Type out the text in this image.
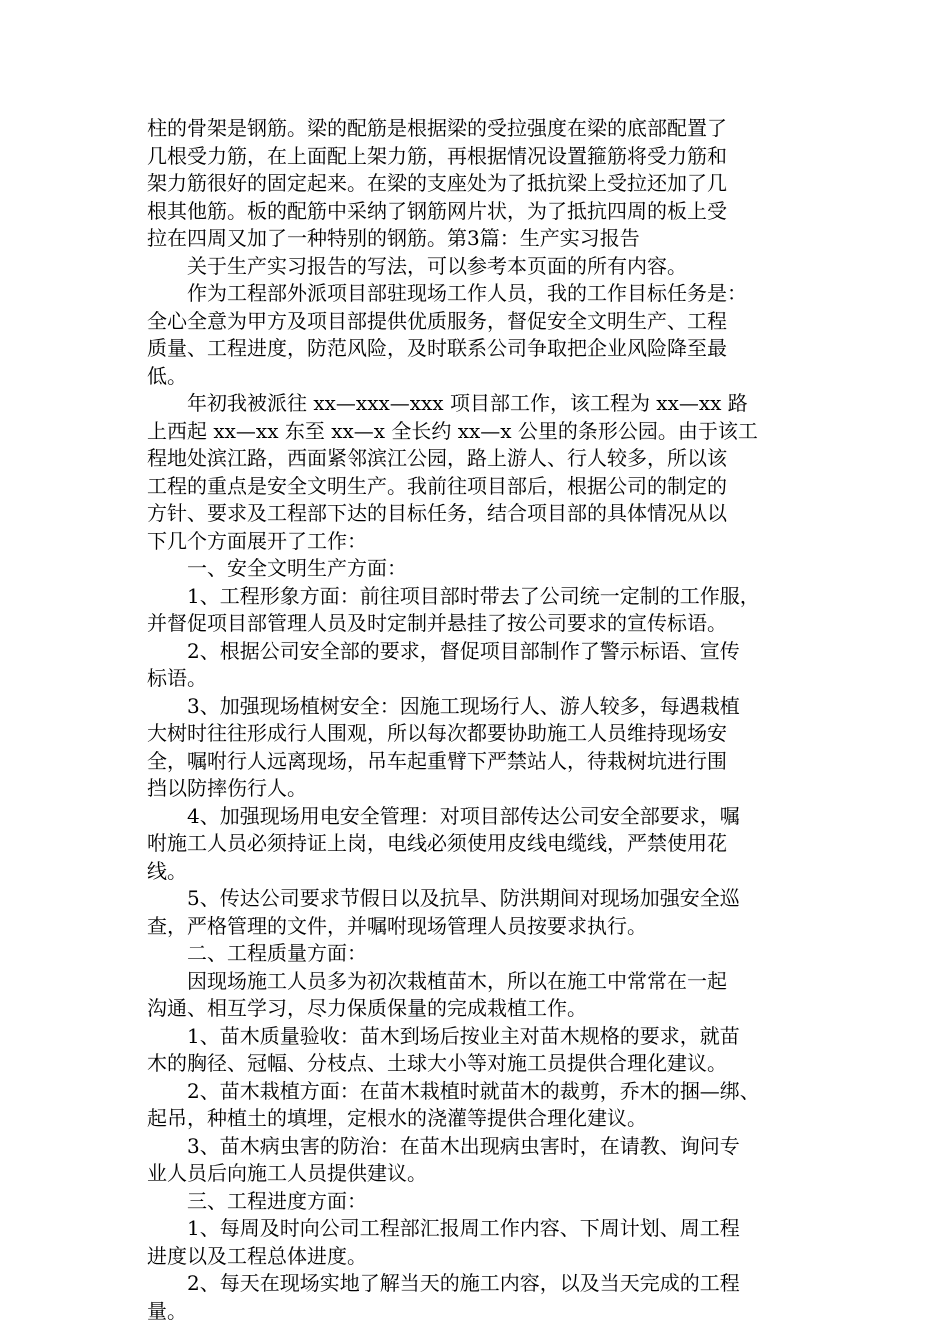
柱的骨架是钢筋。梁的配筋是根据梁的受拉强度在梁的底部配置了
几根受力筋，在上面配上架力筋，再根据情况设置箍筋将受力筋和
架力筋很好的固定起来。在梁的支座处为了抵抗梁上受拉还加了几
根其他筋。板的配筋中采纳了钢筋网片状，为了抵抗四周的板上受
拉在四周又加了一种特别的钢筋。第3篇：生产实习报告
关于生产实习报告的写法，可以参考本页面的所有内容。
作为工程部外派项目部驻现场工作人员，我的工作目标任务是：
全心全意为甲方及项目部提供优质服务，督促安全文明生产、工程
质量、工程进度，防范风险，及时联系公司争取把企业风险降至最
低。
年初我被派往 xx—xxx—xxx 项目部工作，该工程为 xx—xx 路
上西起 xx—xx 东至 xx—x 全长约 xx—x 公里的条形公园。由于该工
程地处滨江路，西面紧邻滨江公园，路上游人、行人较多，所以该
工程的重点是安全文明生产。我前往项目部后，根据公司的制定的
方针、要求及工程部下达的目标任务，结合项目部的具体情况从以
下几个方面展开了工作：
一、安全文明生产方面：
1、工程形象方面：前往项目部时带去了公司统一定制的工作服，
并督促项目部管理人员及时定制并悬挂了按公司要求的宣传标语。
2、根据公司安全部的要求，督促项目部制作了警示标语、宣传
标语。
3、加强现场植树安全：因施工现场行人、游人较多，每遇栽植
大树时往往形成行人围观，所以每次都要协助施工人员维持现场安
全，嘱咐行人远离现场，吊车起重臂下严禁站人，待栽树坑进行围
挡以防摔伤行人。
4、加强现场用电安全管理：对项目部传达公司安全部要求，嘱
咐施工人员必须持证上岗，电线必须使用皮线电缆线，严禁使用花
线。
5、传达公司要求节假日以及抗旱、防洪期间对现场加强安全巡
查，严格管理的文件，并嘱咐现场管理人员按要求执行。
二、工程质量方面：
因现场施工人员多为初次栽植苗木，所以在施工中常常在一起
沟通、相互学习，尽力保质保量的完成栽植工作。
1、苗木质量验收：苗木到场后按业主对苗木规格的要求，就苗
木的胸径、冠幅、分枝点、土球大小等对施工员提供合理化建议。
2、苗木栽植方面：在苗木栽植时就苗木的裁剪，乔木的捆—绑、
起吊，种植土的填埋，定根水的浇灌等提供合理化建议。
3、苗木病虫害的防治：在苗木出现病虫害时，在请教、询问专
业人员后向施工人员提供建议。
三、工程进度方面：
1、每周及时向公司工程部汇报周工作内容、下周计划、周工程
进度以及工程总体进度。
2、每天在现场实地了解当天的施工内容，以及当天完成的工程
量。
